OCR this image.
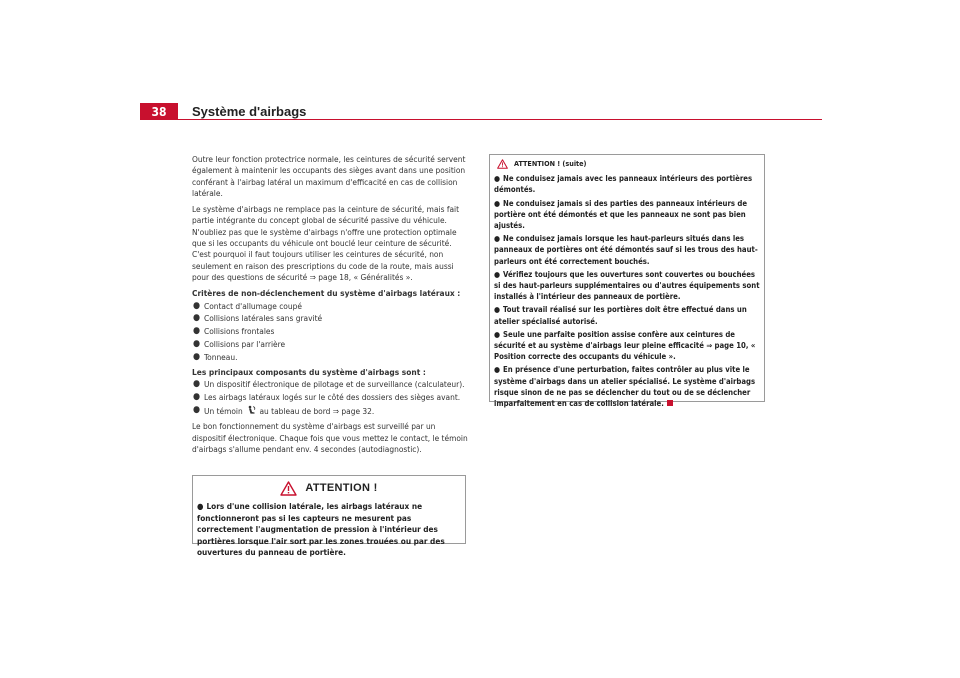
38	Système d'airbags

Outre leur fonction protectrice normale, les ceintures de sécurité servent également à maintenir les occupants des sièges avant dans une position conférant à l'airbag latéral un maximum d'efficacité en cas de collision latérale.

Le système d'airbags ne remplace pas la ceinture de sécurité, mais fait partie intégrante du concept global de sécurité passive du véhicule. N'oubliez pas que le système d'airbags n'offre une protection optimale que si les occupants du véhicule ont bouclé leur ceinture de sécurité. C'est pourquoi il faut toujours utiliser les ceintures de sécurité, non seulement en raison des prescriptions du code de la route, mais aussi pour des questions de sécurité ⇒ page 18, « Généralités ».

Critères de non-déclenchement du système d'airbags latéraux :
● Contact d'allumage coupé
● Collisions latérales sans gravité
● Collisions frontales
● Collisions par l'arrière
● Tonneau.
Les principaux composants du système d'airbags sont :
● Un dispositif électronique de pilotage et de surveillance (calculateur).
● Les airbags latéraux logés sur le côté des dossiers des sièges avant.
● Un témoin au tableau de bord ⇒ page 32.

Le bon fonctionnement du système d'airbags est surveillé par un dispositif électronique. Chaque fois que vous mettez le contact, le témoin d'airbags s'allume pendant env. 4 secondes (autodiagnostic).

ATTENTION !
● Lors d'une collision latérale, les airbags latéraux ne fonctionneront pas si les capteurs ne mesurent pas correctement l'augmentation de pression à l'intérieur des portières lorsque l'air sort par les zones trouées ou par des ouvertures du panneau de portière.
ATTENTION ! (suite)
● Ne conduisez jamais avec les panneaux intérieurs des portières démontés.
● Ne conduisez jamais si des parties des panneaux intérieurs de portière ont été démontés et que les panneaux ne sont pas bien ajustés.
● Ne conduisez jamais lorsque les haut-parleurs situés dans les panneaux de portières ont été démontés sauf si les trous des haut-parleurs ont été correctement bouchés.
● Vérifiez toujours que les ouvertures sont couvertes ou bouchées si des haut-parleurs supplémentaires ou d'autres équipements sont installés à l'intérieur des panneaux de portière.
● Tout travail réalisé sur les portières doit être effectué dans un atelier spécialisé autorisé.
● Seule une parfaite position assise confère aux ceintures de sécurité et au système d'airbags leur pleine efficacité ⇒ page 10, « Position correcte des occupants du véhicule ».
● En présence d'une perturbation, faites contrôler au plus vite le système d'airbags dans un atelier spécialisé. Le système d'airbags risque sinon de ne pas se déclencher du tout ou de se déclencher imparfaitement en cas de collision latérale.
